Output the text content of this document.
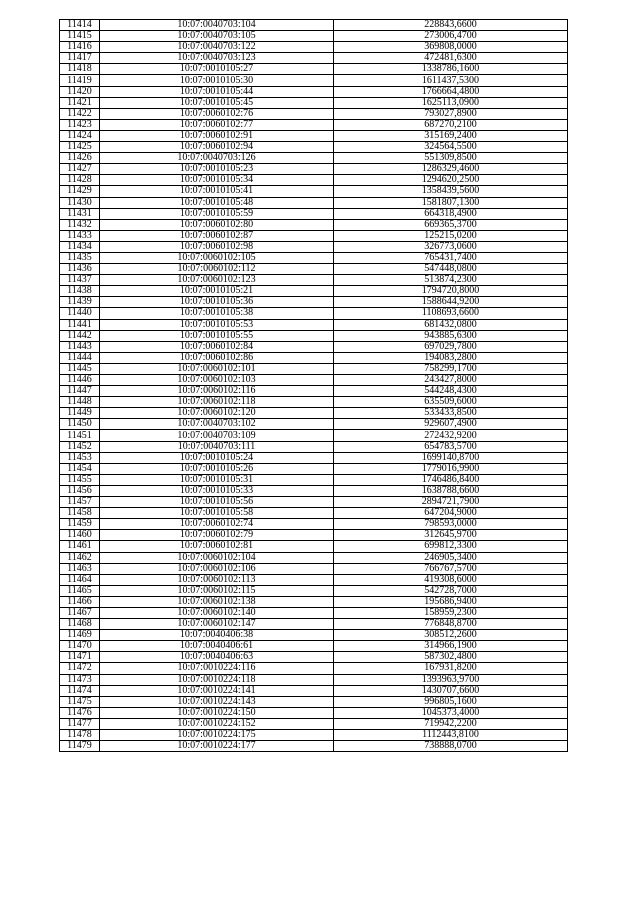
11414	10:07:0040703:104	228843,6600
11415	10:07:0040703:105	273006,4700
11416	10:07:0040703:122	369808,0000
11417	10:07:0040703:123	472481,6300
11418	10:07:0010105:27	1338786,1600
11419	10:07:0010105:30	1611437,5300
11420	10:07:0010105:44	1766664,4800
11421	10:07:0010105:45	1625113,0900
11422	10:07:0060102:76	793027,8900
11423	10:07:0060102:77	687270,2100
11424	10:07:0060102:91	315169,2400
11425	10:07:0060102:94	324564,5500
11426	10:07:0040703:126	551309,8500
11427	10:07:0010105:23	1286329,4600
11428	10:07:0010105:34	1294620,2500
11429	10:07:0010105:41	1358439,5600
11430	10:07:0010105:48	1581807,1300
11431	10:07:0010105:59	664318,4900
11432	10:07:0060102:80	669365,3700
11433	10:07:0060102:87	125215,0200
11434	10:07:0060102:98	326773,0600
11435	10:07:0060102:105	765431,7400
11436	10:07:0060102:112	547448,0800
11437	10:07:0060102:123	513874,2300
11438	10:07:0010105:21	1794720,8000
11439	10:07:0010105:36	1588644,9200
11440	10:07:0010105:38	1108693,6600
11441	10:07:0010105:53	681432,0800
11442	10:07:0010105:55	943885,6300
11443	10:07:0060102:84	697029,7800
11444	10:07:0060102:86	194083,2800
11445	10:07:0060102:101	758299,1700
11446	10:07:0060102:103	243427,8000
11447	10:07:0060102:116	544248,4300
11448	10:07:0060102:118	635509,6000
11449	10:07:0060102:120	533433,8500
11450	10:07:0040703:102	929607,4900
11451	10:07:0040703:109	272432,9200
11452	10:07:0040703:111	654783,5700
11453	10:07:0010105:24	1699140,8700
11454	10:07:0010105:26	1779016,9900
11455	10:07:0010105:31	1746486,8400
11456	10:07:0010105:33	1638788,6600
11457	10:07:0010105:56	2894721,7900
11458	10:07:0010105:58	647204,9000
11459	10:07:0060102:74	798593,0000
11460	10:07:0060102:79	312645,9700
11461	10:07:0060102:81	699812,3300
11462	10:07:0060102:104	246905,3400
11463	10:07:0060102:106	766767,5700
11464	10:07:0060102:113	419308,6000
11465	10:07:0060102:115	542728,7000
11466	10:07:0060102:138	195686,9400
11467	10:07:0060102:140	158959,2300
11468	10:07:0060102:147	776848,8700
11469	10:07:0040406:38	308512,2600
11470	10:07:0040406:61	314966,1900
11471	10:07:0040406:63	587302,4800
11472	10:07:0010224:116	167931,8200
11473	10:07:0010224:118	1393963,9700
11474	10:07:0010224:141	1430707,6600
11475	10:07:0010224:143	996805,1600
11476	10:07:0010224:150	1045373,4000
11477	10:07:0010224:152	719942,2200
11478	10:07:0010224:175	1112443,8100
11479	10:07:0010224:177	738888,0700
